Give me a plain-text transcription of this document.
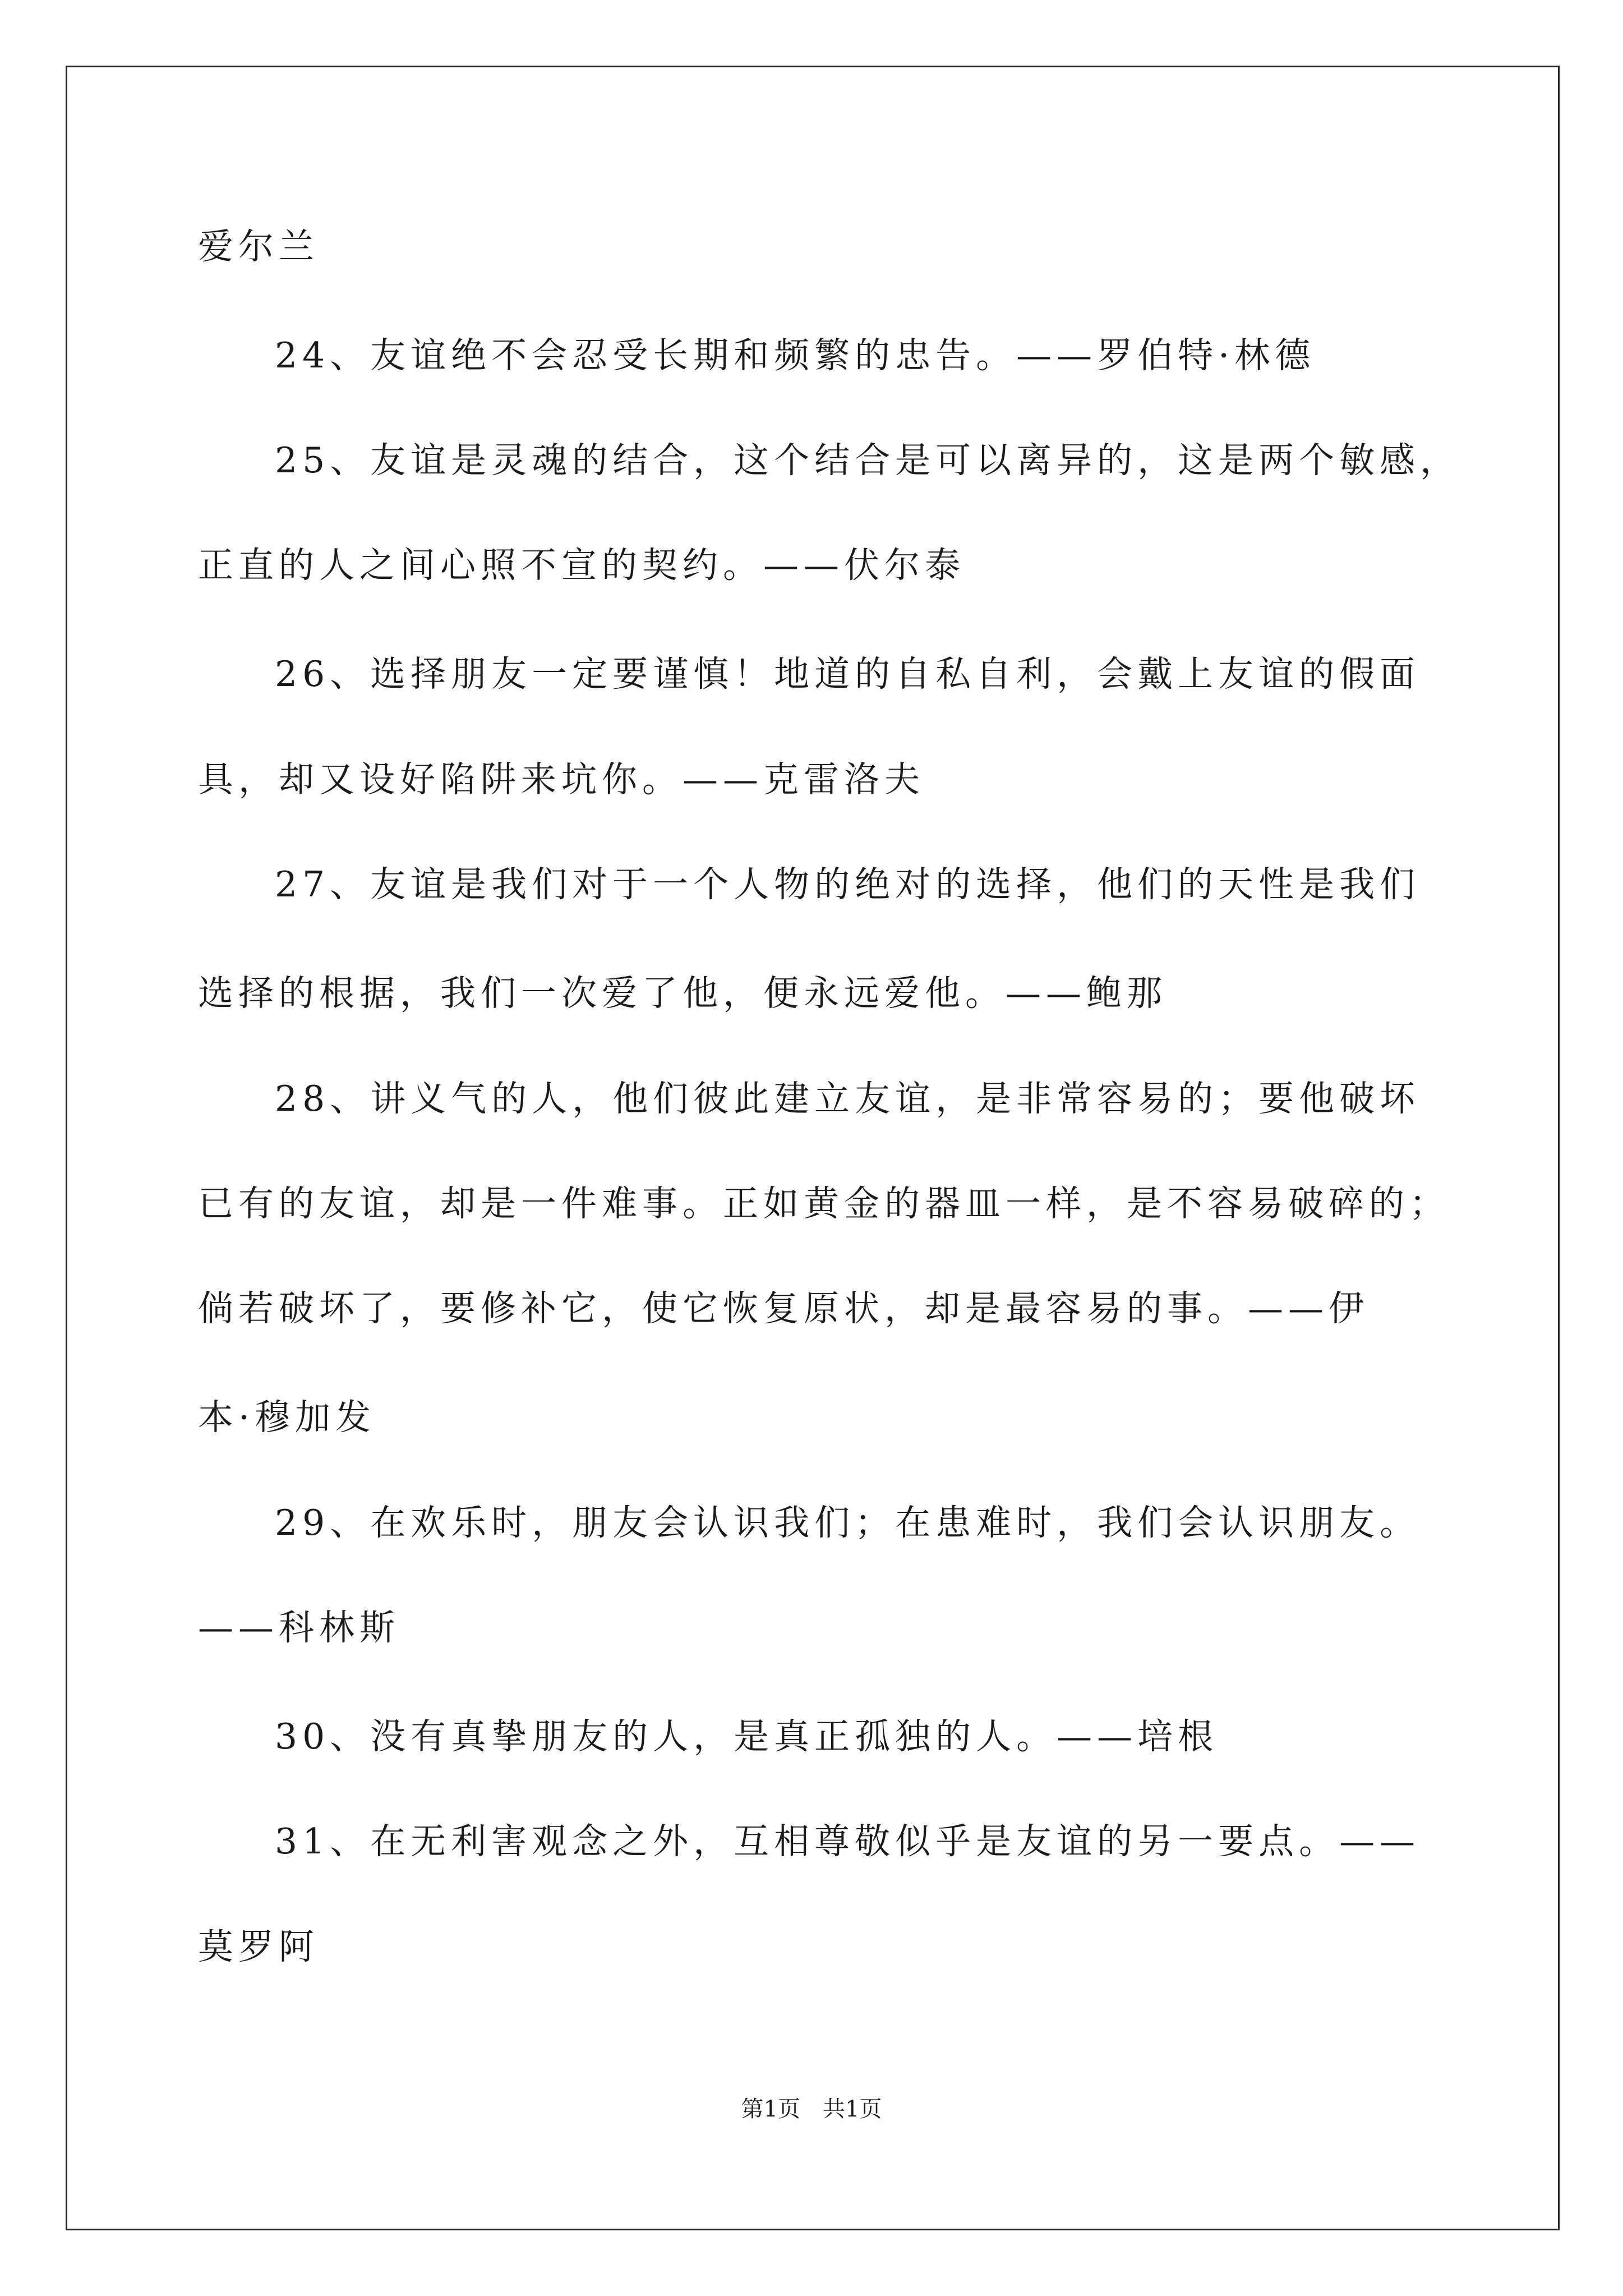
爱尔兰
24、友谊绝不会忍受长期和频繁的忠告。——罗伯特·林德
25、友谊是灵魂的结合，这个结合是可以离异的，这是两个敏感，
正直的人之间心照不宣的契约。——伏尔泰
26、选择朋友一定要谨慎！地道的自私自利，会戴上友谊的假面
具，却又设好陷阱来坑你。——克雷洛夫
27、友谊是我们对于一个人物的绝对的选择，他们的天性是我们
选择的根据，我们一次爱了他，便永远爱他。——鲍那
28、讲义气的人，他们彼此建立友谊，是非常容易的；要他破坏
已有的友谊，却是一件难事。正如黄金的器皿一样，是不容易破碎的；
倘若破坏了，要修补它，使它恢复原状，却是最容易的事。——伊
本·穆加发
29、在欢乐时，朋友会认识我们；在患难时，我们会认识朋友。
——科林斯
30、没有真挚朋友的人，是真正孤独的人。——培根
31、在无利害观念之外，互相尊敬似乎是友谊的另一要点。——
莫罗阿
第1页　共1页
